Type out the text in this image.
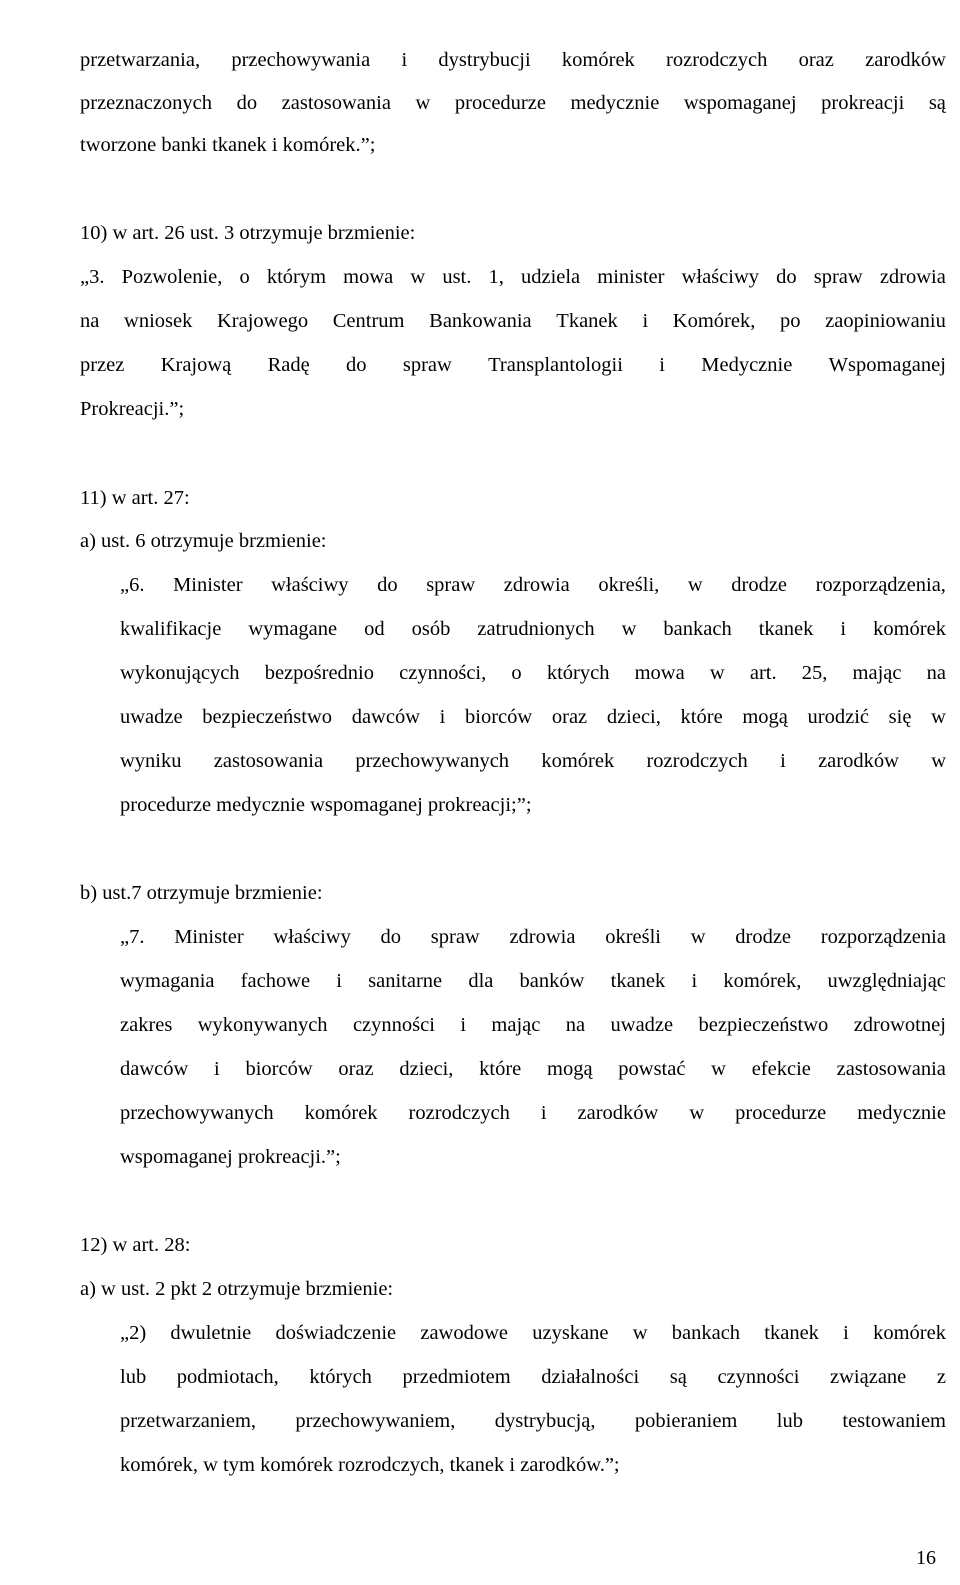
przetwarzania, przechowywania i dystrybucji komórek rozrodczych oraz zarodków
przeznaczonych do zastosowania w procedurze medycznie wspomaganej prokreacji są
tworzone banki tkanek i komórek.”;
10) w art. 26 ust. 3 otrzymuje brzmienie:
„3. Pozwolenie, o którym mowa w ust. 1, udziela minister właściwy do spraw zdrowia
na wniosek Krajowego Centrum Bankowania Tkanek i Komórek, po zaopiniowaniu
przez Krajową Radę do spraw Transplantologii i Medycznie Wspomaganej
Prokreacji.”;
11) w art. 27:
a) ust. 6 otrzymuje brzmienie:
„6. Minister właściwy do spraw zdrowia określi, w drodze rozporządzenia,
kwalifikacje wymagane od osób zatrudnionych w bankach tkanek i komórek
wykonujących bezpośrednio czynności, o których mowa w art. 25, mając na
uwadze bezpieczeństwo dawców i biorców oraz dzieci, które mogą urodzić się w
wyniku zastosowania przechowywanych komórek rozrodczych i zarodków w
procedurze medycznie wspomaganej prokreacji;”;
b) ust.7 otrzymuje brzmienie:
„7. Minister właściwy do spraw zdrowia określi w drodze rozporządzenia
wymagania fachowe i sanitarne dla banków tkanek i komórek, uwzględniając
zakres wykonywanych czynności i mając na uwadze bezpieczeństwo zdrowotnej
dawców i biorców oraz dzieci, które mogą powstać w efekcie zastosowania
przechowywanych komórek rozrodczych i zarodków w procedurze medycznie
wspomaganej prokreacji.”;
12) w art. 28:
a) w ust. 2 pkt 2 otrzymuje brzmienie:
„2) dwuletnie doświadczenie zawodowe uzyskane w bankach tkanek i komórek
lub podmiotach, których przedmiotem działalności są czynności związane z
przetwarzaniem, przechowywaniem, dystrybucją, pobieraniem lub testowaniem
komórek, w tym komórek rozrodczych, tkanek i zarodków.”;
16
